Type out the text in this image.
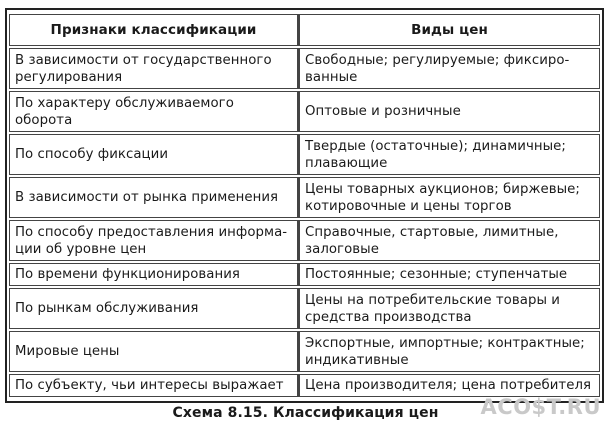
Признаки классификации	Виды цен
В зависимости от государственного регулирования	Свободные; регулируемые; фиксиро-ванные
По характеру обслуживаемого оборота	Оптовые и розничные
По способу фиксации	Твердые (остаточные); динамичные; плавающие
В зависимости от рынка применения	Цены товарных аукционов; биржевые; котировочные и цены торгов
По способу предоставления информа-ции об уровне цен	Справочные, стартовые, лимитные, залоговые
По времени функционирования	Постоянные; сезонные; ступенчатые
По рынкам обслуживания	Цены на потребительские товары и средства производства
Мировые цены	Экспортные, импортные; контрактные; индикативные
По субъекту, чьи интересы выражает	Цена производителя; цена потребителя
Схема 8.15. Классификация цен	ACO$T.RU
